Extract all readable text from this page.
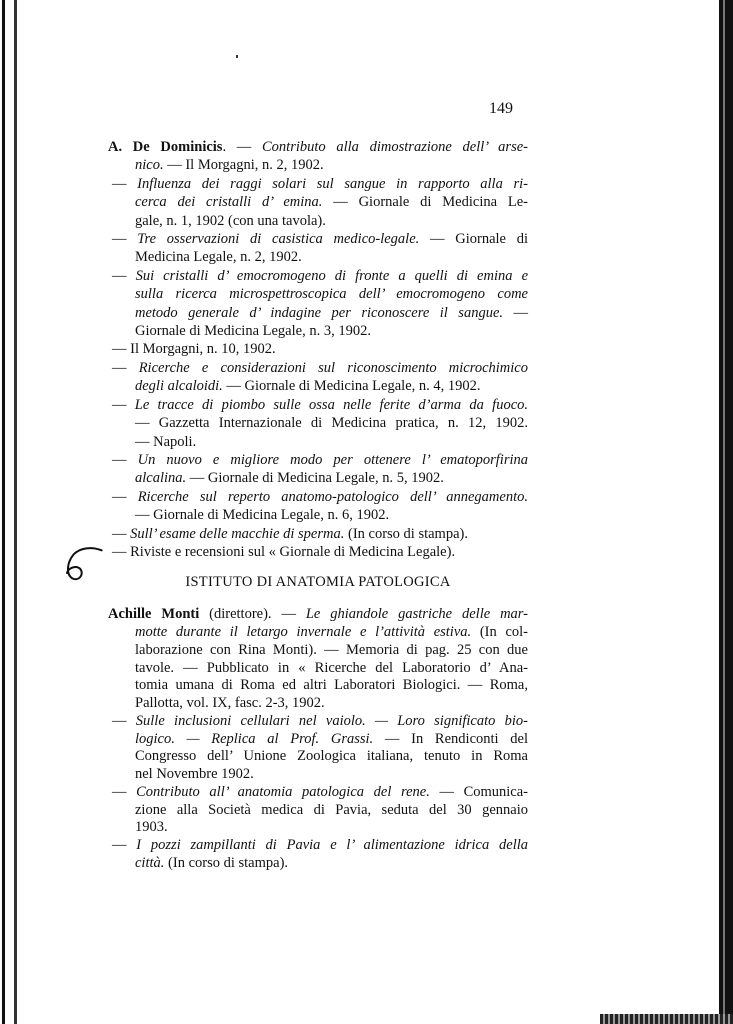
149
A. De Dominicis. — Contributo alla dimostrazione dell’ arse-
nico. — Il Morgagni, n. 2, 1902.
— Influenza dei raggi solari sul sangue in rapporto alla ri-
cerca dei cristalli d’ emina. — Giornale di Medicina Le-
gale, n. 1, 1902 (con una tavola).
— Tre osservazioni di casistica medico-legale. — Giornale di
Medicina Legale, n. 2, 1902.
— Sui cristalli d’ emocromogeno di fronte a quelli di emina e
sulla ricerca microspettroscopica dell’ emocromogeno come
metodo generale d’ indagine per riconoscere il sangue. —
Giornale di Medicina Legale, n. 3, 1902.
— Il Morgagni, n. 10, 1902.
— Ricerche e considerazioni sul riconoscimento microchimico
degli alcaloidi. — Giornale di Medicina Legale, n. 4, 1902.
— Le tracce di piombo sulle ossa nelle ferite d’arma da fuoco.
— Gazzetta Internazionale di Medicina pratica, n. 12, 1902.
— Napoli.
— Un nuovo e migliore modo per ottenere l’ ematoporfirina
alcalina. — Giornale di Medicina Legale, n. 5, 1902.
— Ricerche sul reperto anatomo-patologico dell’ annegamento.
— Giornale di Medicina Legale, n. 6, 1902.
— Sull’ esame delle macchie di sperma. (In corso di stampa).
— Riviste e recensioni sul « Giornale di Medicina Legale).
ISTITUTO DI ANATOMIA PATOLOGICA
Achille Monti (direttore). — Le ghiandole gastriche delle mar-
motte durante il letargo invernale e l’attività estiva. (In col-
laborazione con Rina Monti). — Memoria di pag. 25 con due
tavole. — Pubblicato in « Ricerche del Laboratorio d’ Ana-
tomia umana di Roma ed altri Laboratori Biologici. — Roma,
Pallotta, vol. IX, fasc. 2-3, 1902.
— Sulle inclusioni cellulari nel vaiolo. — Loro significato bio-
logico. — Replica al Prof. Grassi. — In Rendiconti del
Congresso dell’ Unione Zoologica italiana, tenuto in Roma
nel Novembre 1902.
— Contributo all’ anatomia patologica del rene. — Comunica-
zione alla Società medica di Pavia, seduta del 30 gennaio
1903.
— I pozzi zampillanti di Pavia e l’ alimentazione idrica della
città. (In corso di stampa).
